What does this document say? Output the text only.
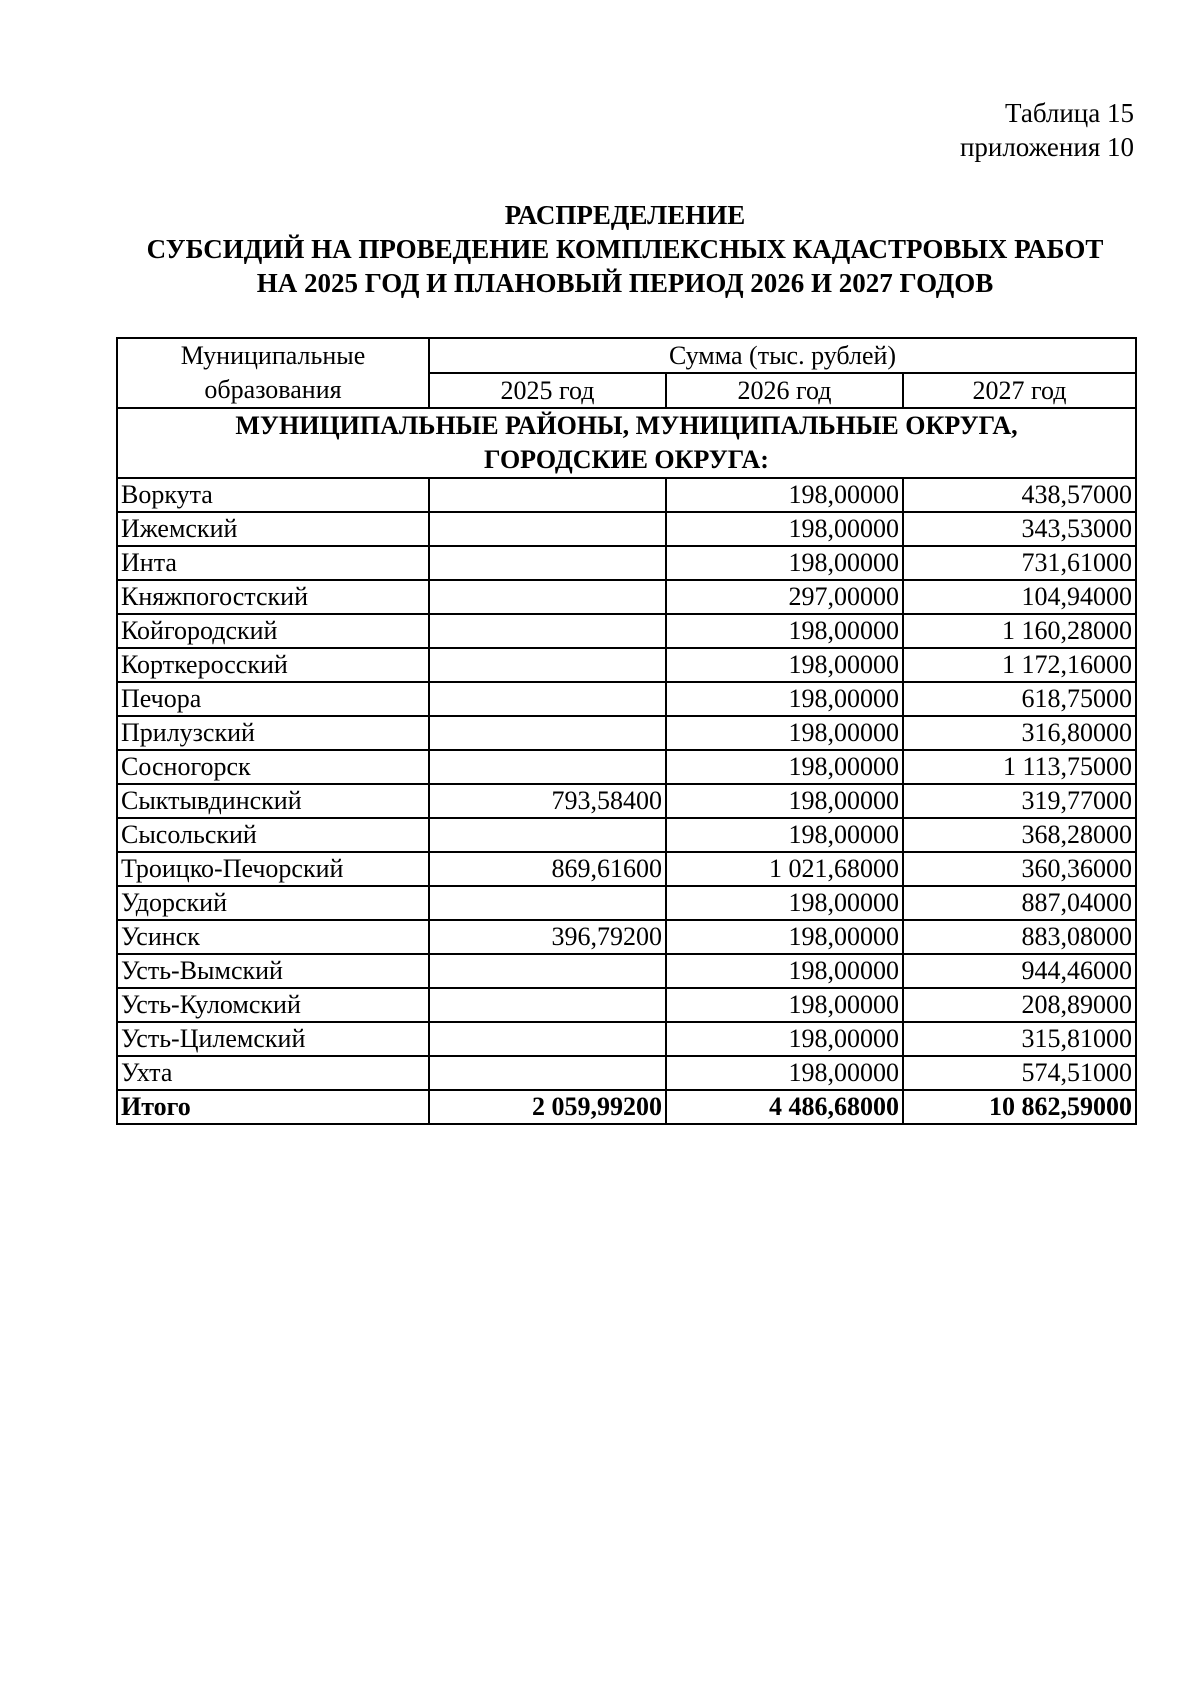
Таблица 15
приложения 10
РАСПРЕДЕЛЕНИЕ
СУБСИДИЙ НА ПРОВЕДЕНИЕ КОМПЛЕКСНЫХ КАДАСТРОВЫХ РАБОТ
НА 2025 ГОД И ПЛАНОВЫЙ ПЕРИОД 2026 И 2027 ГОДОВ
Муниципальные
образования	Сумма (тыс. рублей)		
	2025 год	2026 год	2027 год

МУНИЦИПАЛЬНЫЕ РАЙОНЫ, МУНИЦИПАЛЬНЫЕ ОКРУГА,
ГОРОДСКИЕ ОКРУГА:			

Воркута		198,00000	438,57000
Ижемский		198,00000	343,53000
Инта		198,00000	731,61000
Княжпогостский		297,00000	104,94000
Койгородский		198,00000	1 160,28000
Корткеросский		198,00000	1 172,16000
Печора		198,00000	618,75000
Прилузский		198,00000	316,80000
Сосногорск		198,00000	1 113,75000
Сыктывдинский	793,58400	198,00000	319,77000
Сысольский		198,00000	368,28000
Троицко-Печорский	869,61600	1 021,68000	360,36000
Удорский		198,00000	887,04000
Усинск	396,79200	198,00000	883,08000
Усть-Вымский		198,00000	944,46000
Усть-Куломский		198,00000	208,89000
Усть-Цилемский		198,00000	315,81000
Ухта		198,00000	574,51000
Итого	2 059,99200	4 486,68000	10 862,59000
